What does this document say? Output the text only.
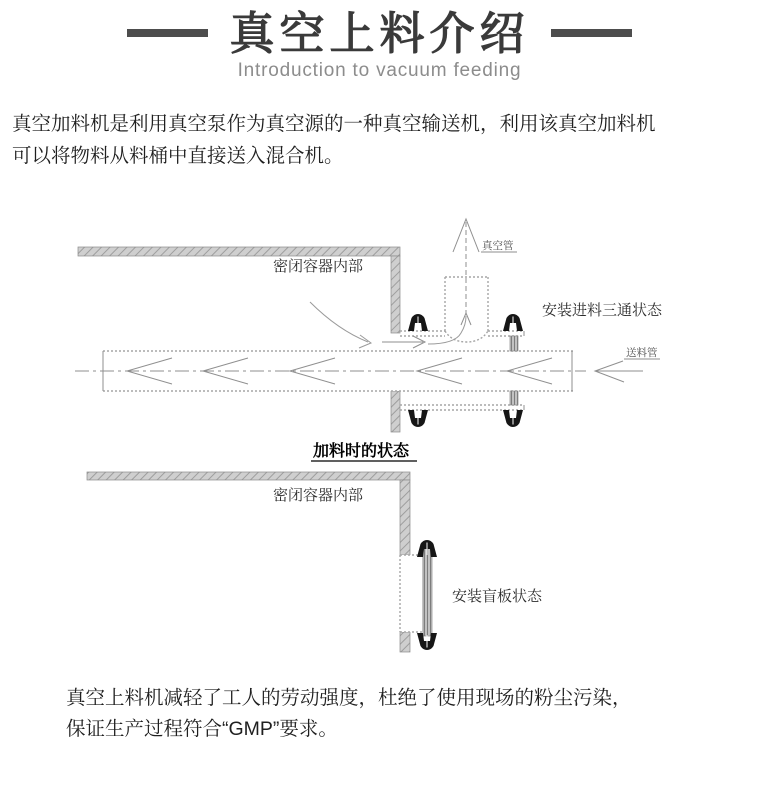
真空上料介绍
Introduction to vacuum feeding
真空加料机是利用真空泵作为真空源的一种真空输送机，利用该真空加料机
可以将物料从料桶中直接送入混合机。
密闭容器内部
真空管
安装进料三通状态
送料管
加料时的状态
密闭容器内部
安装盲板状态
真空上料机减轻了工人的劳动强度，杜绝了使用现场的粉尘污染，
保证生产过程符合“GMP”要求。
